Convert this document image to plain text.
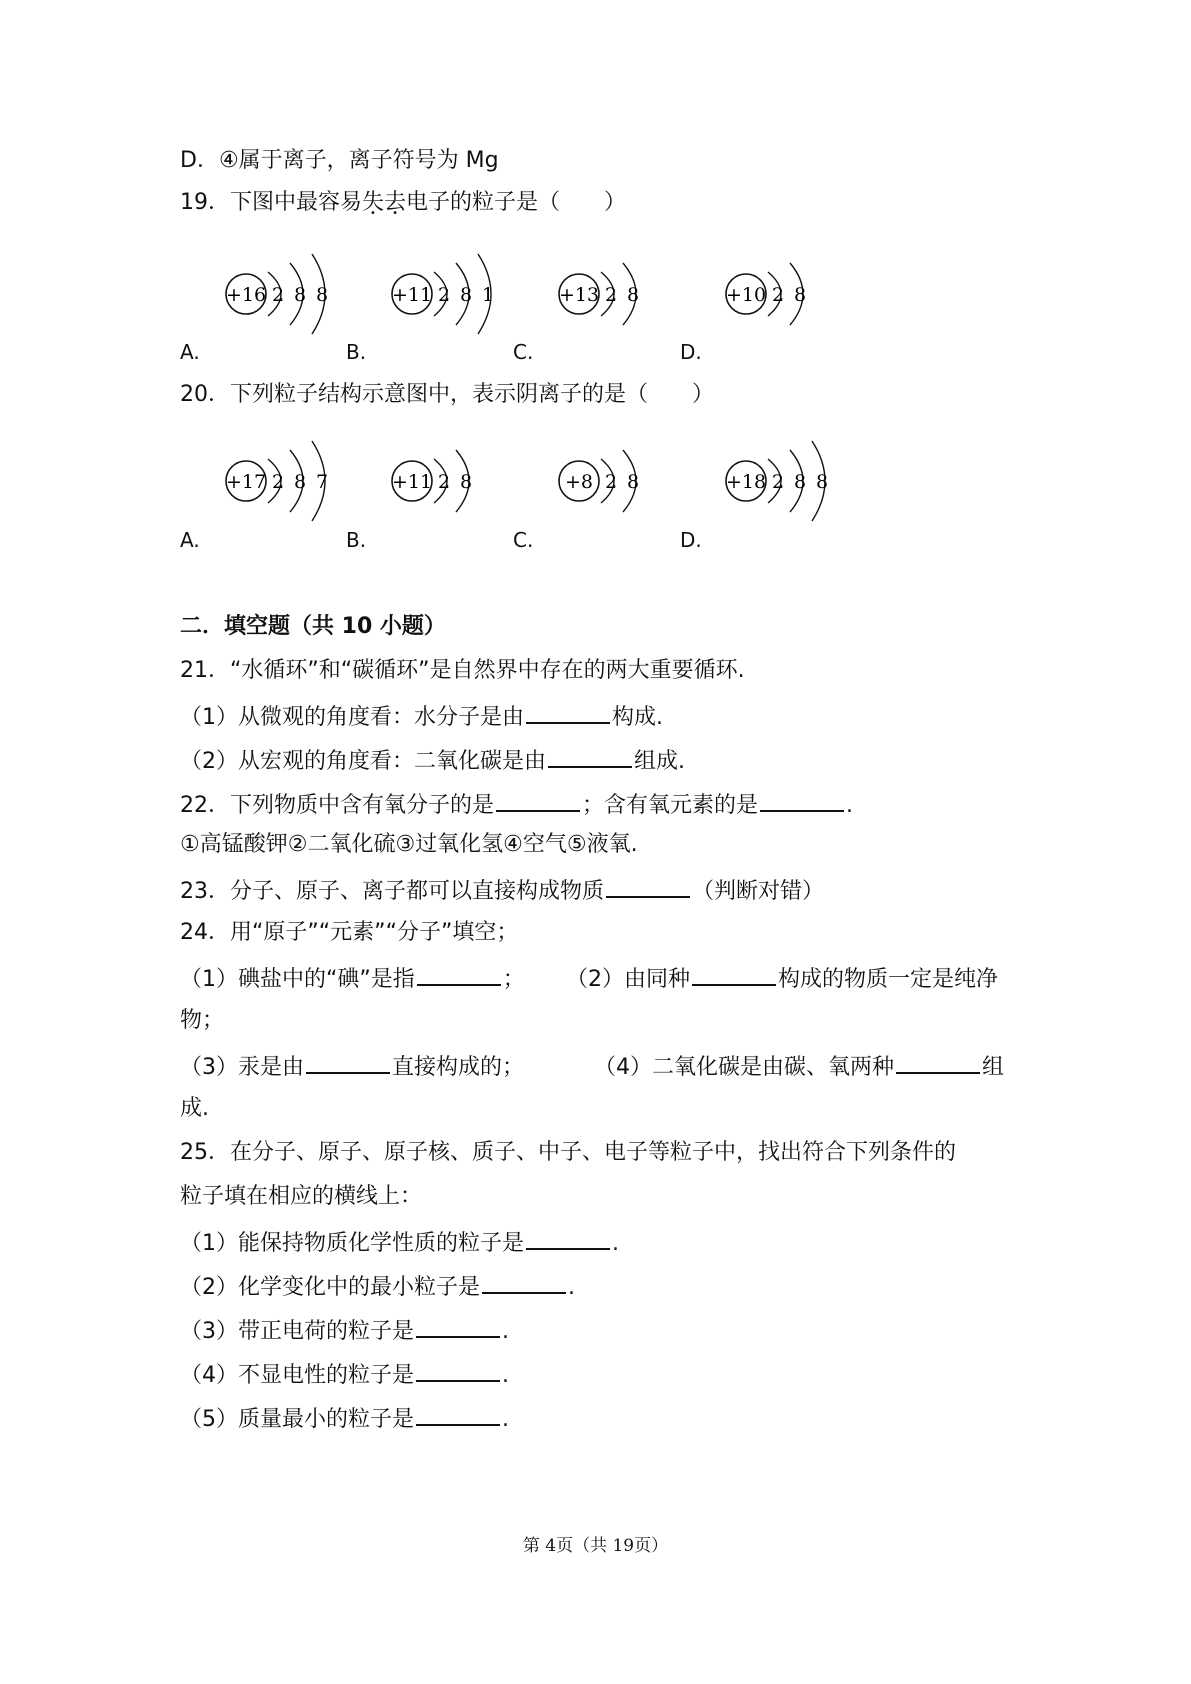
D．④属于离子，离子符号为 Mg
19．下图中最容易失去电子的粒子是（　　）
A.
+16 2 8 8
B.
+11 2 8 1
C.
+13 2 8
D.
+10 2 8
20．下列粒子结构示意图中，表示阴离子的是（　　）
A.
+17 2 8 7
B.
+11 2 8
C.
+8 2 8
D.
+18 2 8 8
二．填空题（共 10 小题）
21．“水循环”和“碳循环”是自然界中存在的两大重要循环.
（1）从微观的角度看：水分子是由	构成.
（2）从宏观的角度看：二氧化碳是由	组成.
22．下列物质中含有氧分子的是	；含有氧元素的是	.
①高锰酸钾②二氧化硫③过氧化氢④空气⑤液氧.
23．分子、原子、离子都可以直接构成物质	（判断对错）
24．用“原子”“元素”“分子”填空；
（1）碘盐中的“碘”是指	； （2）由同种	构成的物质一定是纯净
物；
（3）汞是由	直接构成的；	（4）二氧化碳是由碳、氧两种	组
成.
25．在分子、原子、原子核、质子、中子、电子等粒子中，找出符合下列条件的
粒子填在相应的横线上：
（1）能保持物质化学性质的粒子是	.
（2）化学变化中的最小粒子是	.
（3）带正电荷的粒子是	.
（4）不显电性的粒子是	.
（5）质量最小的粒子是	.
第 4页（共 19页）
